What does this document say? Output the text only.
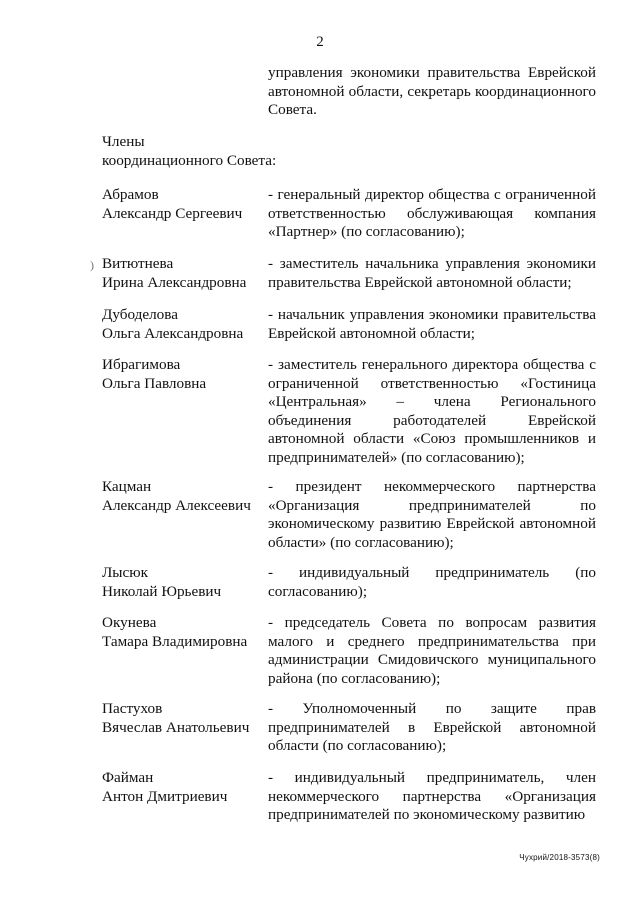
2
управления экономики правительства Еврейской автономной области, секретарь координационного Совета.
Члены
координационного Совета:
)
Абрамов
Александр Сергеевич
- генеральный директор общества с ограниченной ответственностью обслуживающая компания «Партнер» (по согласованию);
Витютнева
Ирина Александровна
- заместитель начальника управления экономики правительства Еврейской автономной области;
Дубоделова
Ольга Александровна
- начальник управления экономики правительства Еврейской автономной области;
Ибрагимова
Ольга Павловна
- заместитель генерального директора общества с ограниченной ответственностью «Гостиница «Центральная» – члена Регионального объединения работодателей Еврейской автономной области «Союз промышленников и предпринимателей» (по согласованию);
Кацман
Александр Алексеевич
- президент некоммерческого партнерства «Организация предпринимателей по экономическому развитию Еврейской автономной области» (по согласованию);
Лысюк
Николай Юрьевич
- индивидуальный предприниматель (по согласованию);
Окунева
Тамара Владимировна
- председатель Совета по вопросам развития малого и среднего предпринимательства при администрации Смидовичского муниципального района (по согласованию);
Пастухов
Вячеслав Анатольевич
- Уполномоченный по защите прав предпринимателей в Еврейской автономной области (по согласованию);
Файман
Антон Дмитриевич
- индивидуальный предприниматель, член некоммерческого партнерства «Организация предпринимателей по экономическому развитию
Чухрий/2018-3573(8)
